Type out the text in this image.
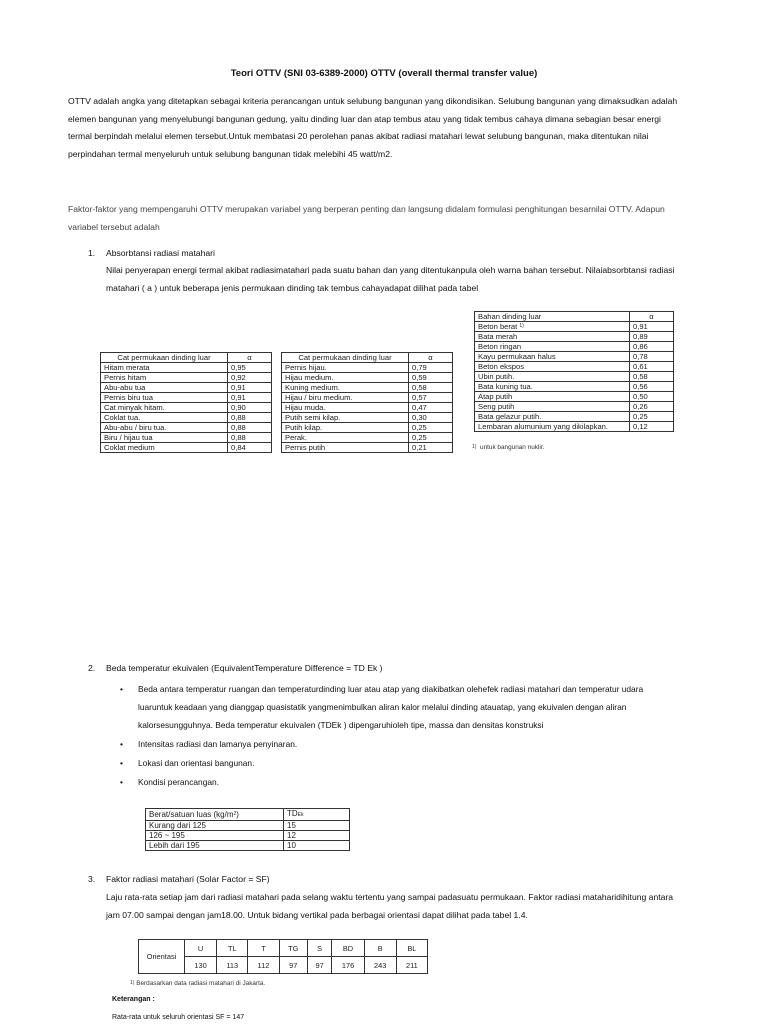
Teori OTTV (SNI 03-6389-2000) OTTV (overall thermal transfer value)
OTTV adalah angka yang ditetapkan sebagai kriteria perancangan untuk selubung bangunan yang dikondisikan. Selubung bangunan yang dimaksudkan adalah
elemen bangunan yang menyelubungi bangunan gedung, yaitu dinding luar dan atap tembus atau yang tidak tembus cahaya dimana sebagian besar energi
termal berpindah melalui elemen tersebut.Untuk membatasi 20 perolehan panas akibat radiasi matahari lewat selubung bangunan, maka ditentukan nilai
perpindahan termal menyeluruh untuk selubung bangunan tidak melebihi 45 watt/m2.
Faktor-faktor yang mempengaruhi OTTV merupakan variabel yang berperan penting dan langsung didalam formulasi penghitungan besarnilai OTTV. Adapun
variabel tersebut adalah
1. Absorbtansi radiasi matahari
Nilai penyerapan energi termal akibat radiasimatahari pada suatu bahan dan yang ditentukanpula oleh warna bahan tersebut. Nilaiabsorbtansi radiasi
matahari ( a ) untuk beberapa jenis permukaan dinding tak tembus cahayadapat dilihat pada tabel
Cat permukaan dinding luar	α
Hitam merata	0,95
Pernis hitam	0,92
Abu-abu tua	0,91
Pernis biru tua	0,91
Cat minyak hitam.	0,90
Coklat tua.	0,88
Abu-abu / biru tua.	0,88
Biru / hijau tua	0,88
Coklat medium	0,84
Cat permukaan dinding luar	α
Pernis hijau.	0,79
Hijau medium.	0,59
Kuning medium.	0,58
Hijau / biru medium.	0,57
Hijau muda.	0,47
Putih semi kilap.	0,30
Putih kilap.	0,25
Perak.	0,25
Pernis putih	0,21
Bahan dinding luar	α
Beton berat $^{1)}$	0,91
Bata merah	0,89
Beton ringan	0,86
Kayu permukaan halus	0,78
Beton ekspos	0,61
Ubin putih.	0,58
Bata kuning tua.	0,56
Atap putih	0,50
Seng putih	0,26
Bata gelazur putih.	0,25
Lembaran alumunium yang dikilapkan.	0,12
$^{1)}$ untuk bangunan nuklir.
2. Beda temperatur ekuivalen (EquivalentTemperature Difference = TD Ek )
• Beda antara temperatur ruangan dan temperaturdinding luar atau atap yang diakibatkan olehefek radiasi matahari dan temperatur udara
luaruntuk keadaan yang dianggap quasistatik yangmenimbulkan aliran kalor melalui dinding atauatap, yang ekuivalen dengan aliran
kalorsesungguhnya. Beda temperatur ekuivalen (TDEk ) dipengaruhioleh tipe, massa dan densitas konstruksi
• Intensitas radiasi dan lamanya penyinaran.
• Lokasi dan orientasi bangunan.
• Kondisi perancangan.
Berat/satuan luas $(kg/m^2)$	TDEk
Kurang dari 125	15
126 ~ 195	12
Lebih dari 195	10
3. Faktor radiasi matahari (Solar Factor = SF)
Laju rata-rata setiap jam dari radiasi matahari pada selang waktu tertentu yang sampai padasuatu permukaan. Faktor radiasi mataharidihitung antara
jam 07.00 sampai dengan jam18.00. Untuk bidang vertikal pada berbagai orientasi dapat dilihat pada tabel 1.4.
Orientasi	U	TL	T	TG	S	BD	B	BL
	130	113	112	97	97	176	243	211
$^{1)}$ Berdasarkan data radiasi matahari di Jakarta.
Keterangan :
Rata-rata untuk seluruh orientasi SF = 147
